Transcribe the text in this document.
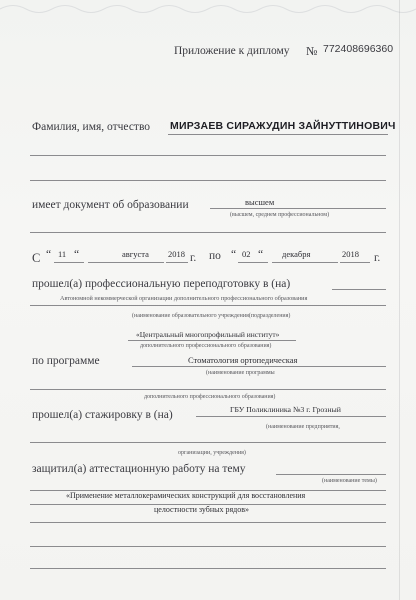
Приложение к диплому № 772408696360
Фамилия, имя, отчество МИРЗАЕВ СИРАЖУДИН ЗАЙНУТТИНОВИЧ
имеет документ об образовании	высшем
(высшем, среднем профессиональном)
С “ 11 “	августа 2018 г. по “ 02 “ декабря	2018 г.
прошел(а) профессиональную переподготовку в (на)
Автономной некоммерческой организации дополнительного профессионального образования
(наименование образовательного учреждения(подразделения)
«Центральный многопрофильный институт»
дополнительного профессионального образования)
по программе	Стоматология ортопедическая
(наименование программы
дополнительного профессионального образования)
прошел(а) стажировку в (на)	ГБУ Поликлиника №3 г. Грозный
(наименование предприятия,
организации, учреждения)
защитил(а) аттестационную работу на тему
(наименование темы)
«Применение металлокерамических конструкций для восстановления
целостности зубных рядов»
